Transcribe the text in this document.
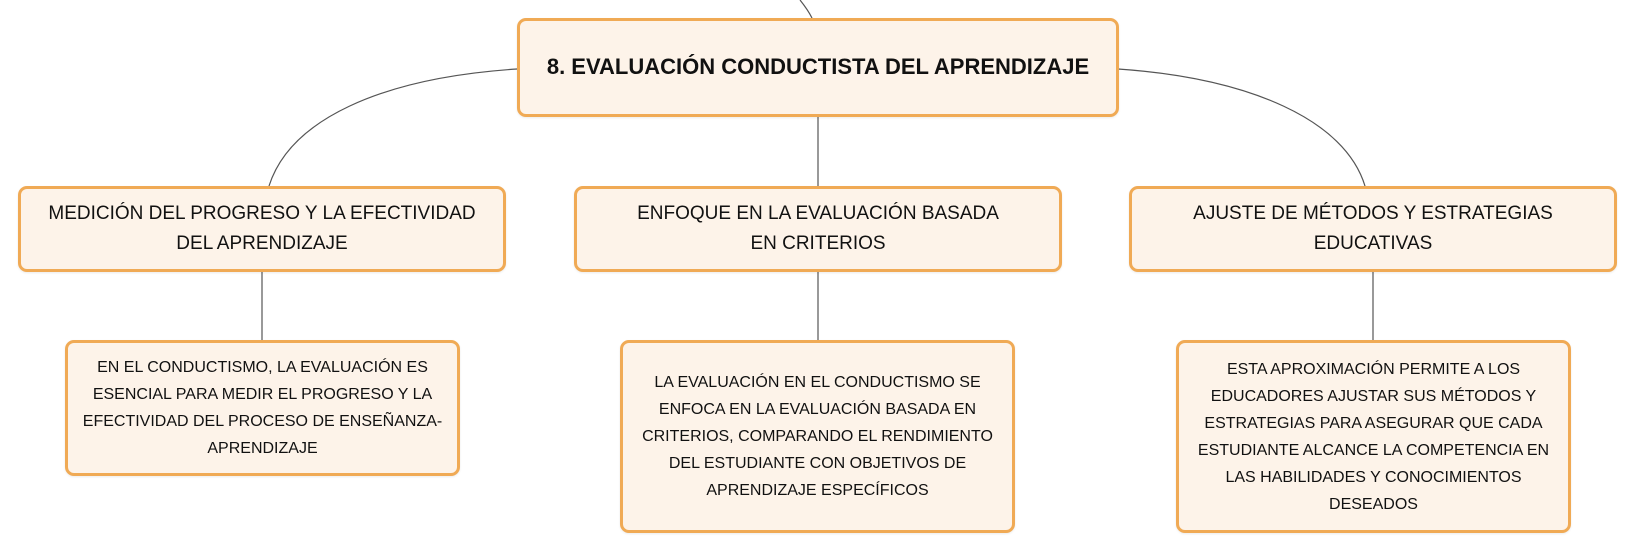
8. EVALUACIÓN CONDUCTISTA DEL APRENDIZAJE
MEDICIÓN DEL PROGRESO Y LA EFECTIVIDAD DEL APRENDIZAJE
ENFOQUE EN LA EVALUACIÓN BASADA EN CRITERIOS
AJUSTE DE MÉTODOS Y ESTRATEGIAS EDUCATIVAS
EN EL CONDUCTISMO, LA EVALUACIÓN ES ESENCIAL PARA MEDIR EL PROGRESO Y LA EFECTIVIDAD DEL PROCESO DE ENSEÑANZA-APRENDIZAJE
LA EVALUACIÓN EN EL CONDUCTISMO SE ENFOCA EN LA EVALUACIÓN BASADA EN CRITERIOS, COMPARANDO EL RENDIMIENTO DEL ESTUDIANTE CON OBJETIVOS DE APRENDIZAJE ESPECÍFICOS
ESTA APROXIMACIÓN PERMITE A LOS EDUCADORES AJUSTAR SUS MÉTODOS Y ESTRATEGIAS PARA ASEGURAR QUE CADA ESTUDIANTE ALCANCE LA COMPETENCIA EN LAS HABILIDADES Y CONOCIMIENTOS DESEADOS
